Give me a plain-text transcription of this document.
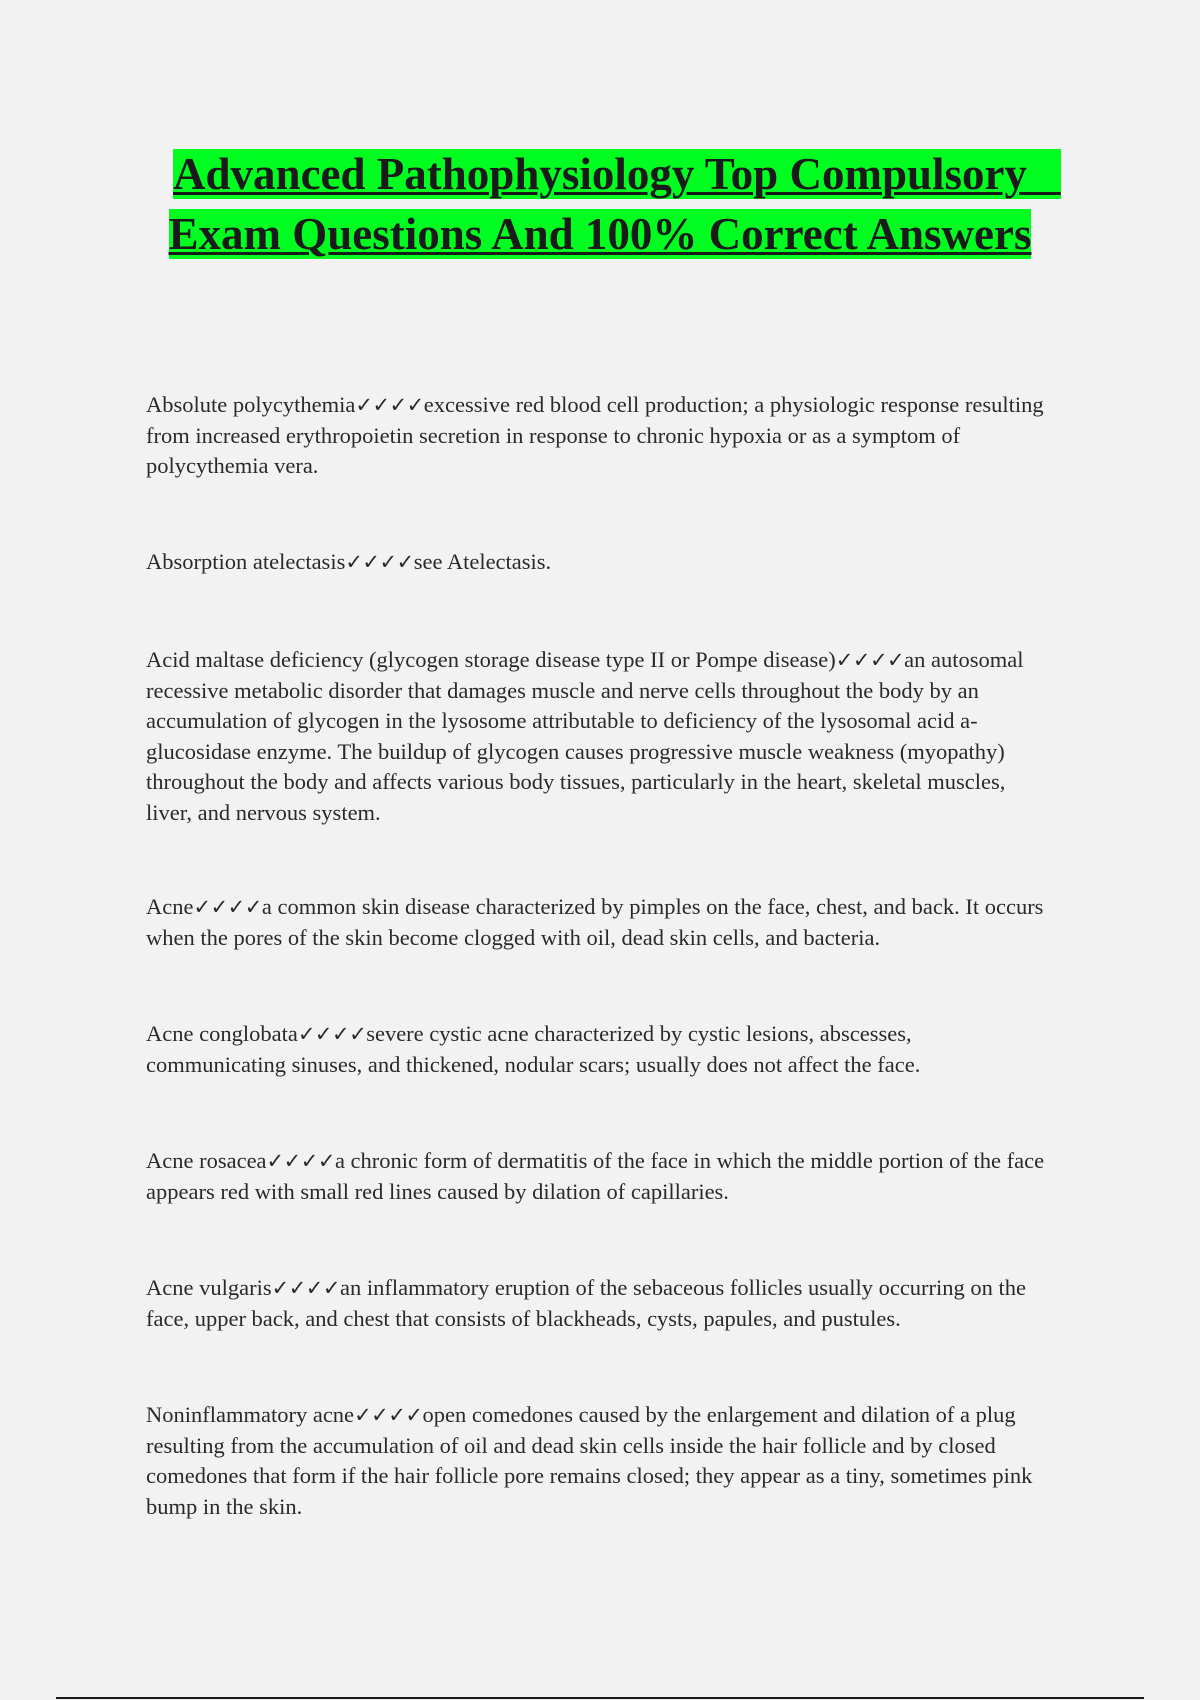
Advanced Pathophysiology Top Compulsory   Exam Questions And 100% Correct Answers

Absolute polycythemia✓✓✓✓excessive red blood cell production; a physiologic response resulting from increased erythropoietin secretion in response to chronic hypoxia or as a symptom of polycythemia vera.

Absorption atelectasis✓✓✓✓see Atelectasis.

Acid maltase deficiency (glycogen storage disease type II or Pompe disease)✓✓✓✓an autosomal recessive metabolic disorder that damages muscle and nerve cells throughout the body by an accumulation of glycogen in the lysosome attributable to deficiency of the lysosomal acid a-glucosidase enzyme. The buildup of glycogen causes progressive muscle weakness (myopathy) throughout the body and affects various body tissues, particularly in the heart, skeletal muscles, liver, and nervous system.

Acne✓✓✓✓a common skin disease characterized by pimples on the face, chest, and back. It occurs when the pores of the skin become clogged with oil, dead skin cells, and bacteria.

Acne conglobata✓✓✓✓severe cystic acne characterized by cystic lesions, abscesses, communicating sinuses, and thickened, nodular scars; usually does not affect the face.

Acne rosacea✓✓✓✓a chronic form of dermatitis of the face in which the middle portion of the face appears red with small red lines caused by dilation of capillaries.

Acne vulgaris✓✓✓✓an inflammatory eruption of the sebaceous follicles usually occurring on the face, upper back, and chest that consists of blackheads, cysts, papules, and pustules.

Noninflammatory acne✓✓✓✓open comedones caused by the enlargement and dilation of a plug resulting from the accumulation of oil and dead skin cells inside the hair follicle and by closed comedones that form if the hair follicle pore remains closed; they appear as a tiny, sometimes pink bump in the skin.
